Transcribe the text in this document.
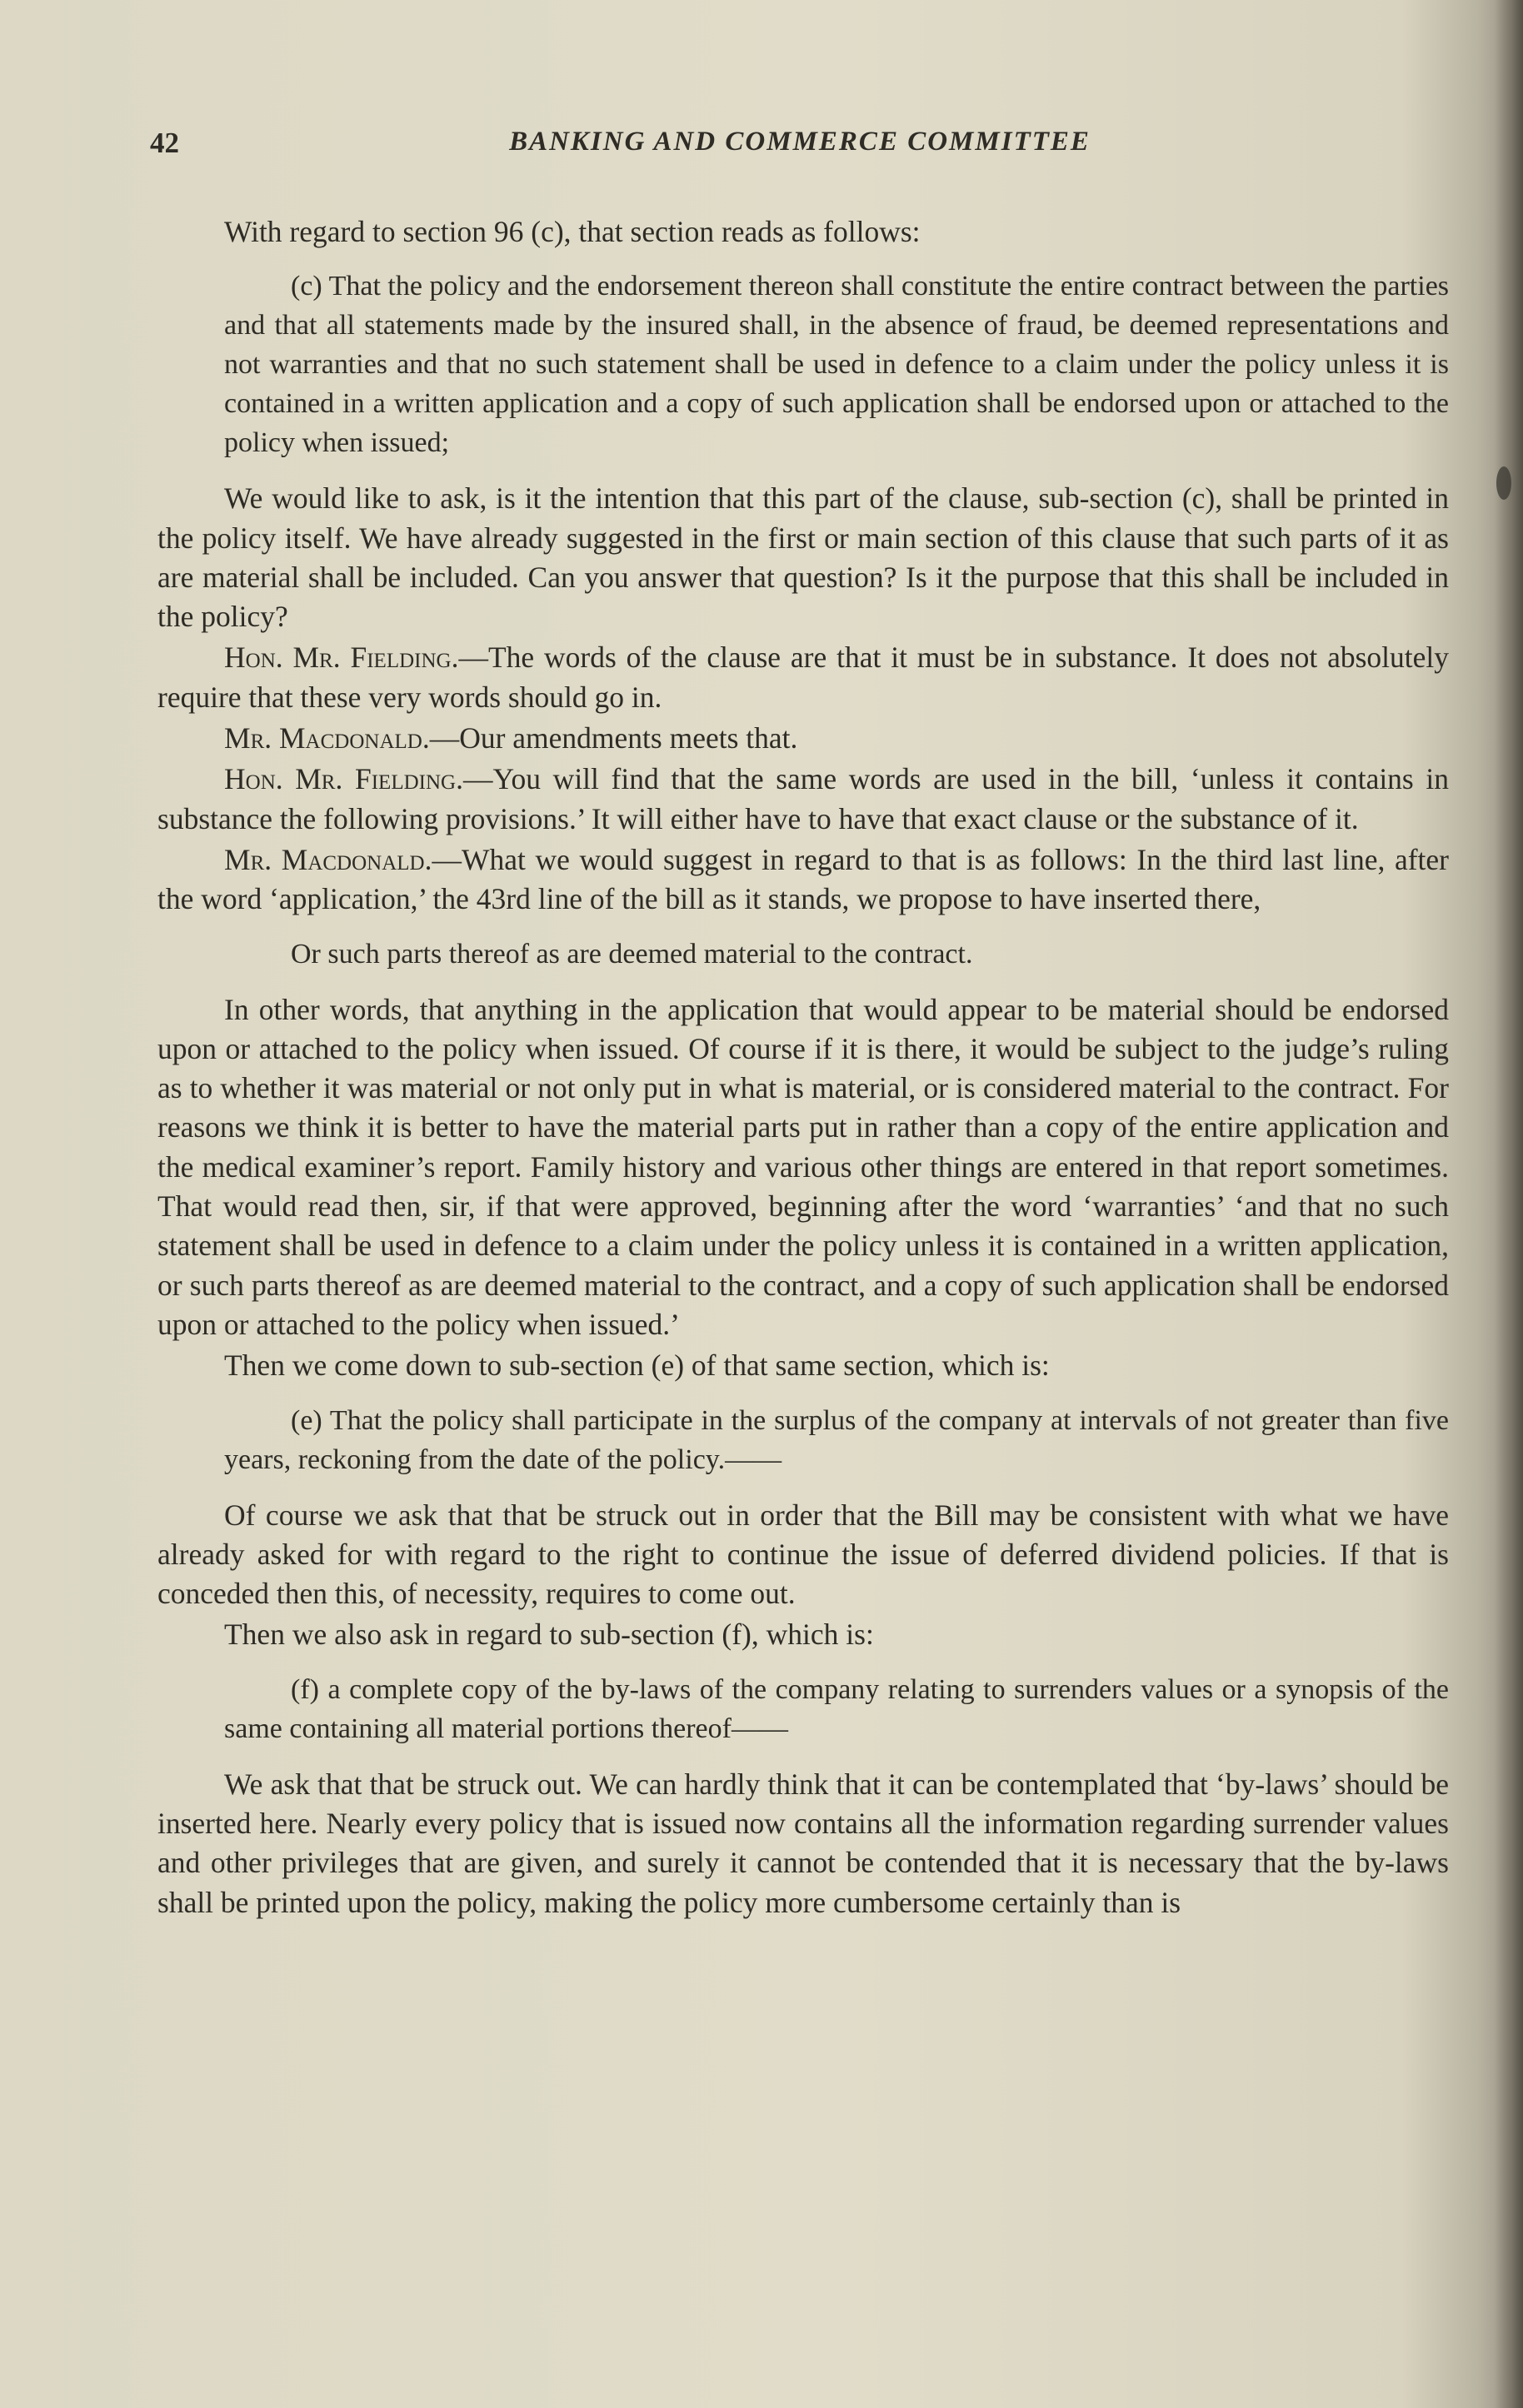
42	BANKING AND COMMERCE COMMITTEE

With regard to section 96 (c), that section reads as follows:

(c) That the policy and the endorsement thereon shall constitute the entire contract between the parties and that all statements made by the insured shall, in the absence of fraud, be deemed representations and not warranties and that no such statement shall be used in defence to a claim under the policy unless it is contained in a written application and a copy of such application shall be endorsed upon or attached to the policy when issued;

We would like to ask, is it the intention that this part of the clause, sub-section (c), shall be printed in the policy itself. We have already suggested in the first or main section of this clause that such parts of it as are material shall be included. Can you answer that question? Is it the purpose that this shall be included in the policy?

Hon. Mr. Fielding.—The words of the clause are that it must be in substance. It does not absolutely require that these very words should go in.

Mr. Macdonald.—Our amendments meets that.

Hon. Mr. Fielding.—You will find that the same words are used in the bill, ‘unless it contains in substance the following provisions.’ It will either have to have that exact clause or the substance of it.

Mr. Macdonald.—What we would suggest in regard to that is as follows: In the third last line, after the word ‘application,’ the 43rd line of the bill as it stands, we propose to have inserted there,

Or such parts thereof as are deemed material to the contract.

In other words, that anything in the application that would appear to be material should be endorsed upon or attached to the policy when issued. Of course if it is there, it would be subject to the judge’s ruling as to whether it was material or not only put in what is material, or is considered material to the contract. For reasons we think it is better to have the material parts put in rather than a copy of the entire application and the medical examiner’s report. Family history and various other things are entered in that report sometimes. That would read then, sir, if that were approved, beginning after the word ‘warranties’ ‘and that no such statement shall be used in defence to a claim under the policy unless it is contained in a written application, or such parts thereof as are deemed material to the contract, and a copy of such application shall be endorsed upon or attached to the policy when issued.’

Then we come down to sub-section (e) of that same section, which is:

(e) That the policy shall participate in the surplus of the company at intervals of not greater than five years, reckoning from the date of the policy.——

Of course we ask that that be struck out in order that the Bill may be consistent with what we have already asked for with regard to the right to continue the issue of deferred dividend policies. If that is conceded then this, of necessity, requires to come out.

Then we also ask in regard to sub-section (f), which is:

(f) a complete copy of the by-laws of the company relating to surrenders values or a synopsis of the same containing all material portions thereof——

We ask that that be struck out. We can hardly think that it can be contemplated that ‘by-laws’ should be inserted here. Nearly every policy that is issued now contains all the information regarding surrender values and other privileges that are given, and surely it cannot be contended that it is necessary that the by-laws shall be printed upon the policy, making the policy more cumbersome certainly than is
